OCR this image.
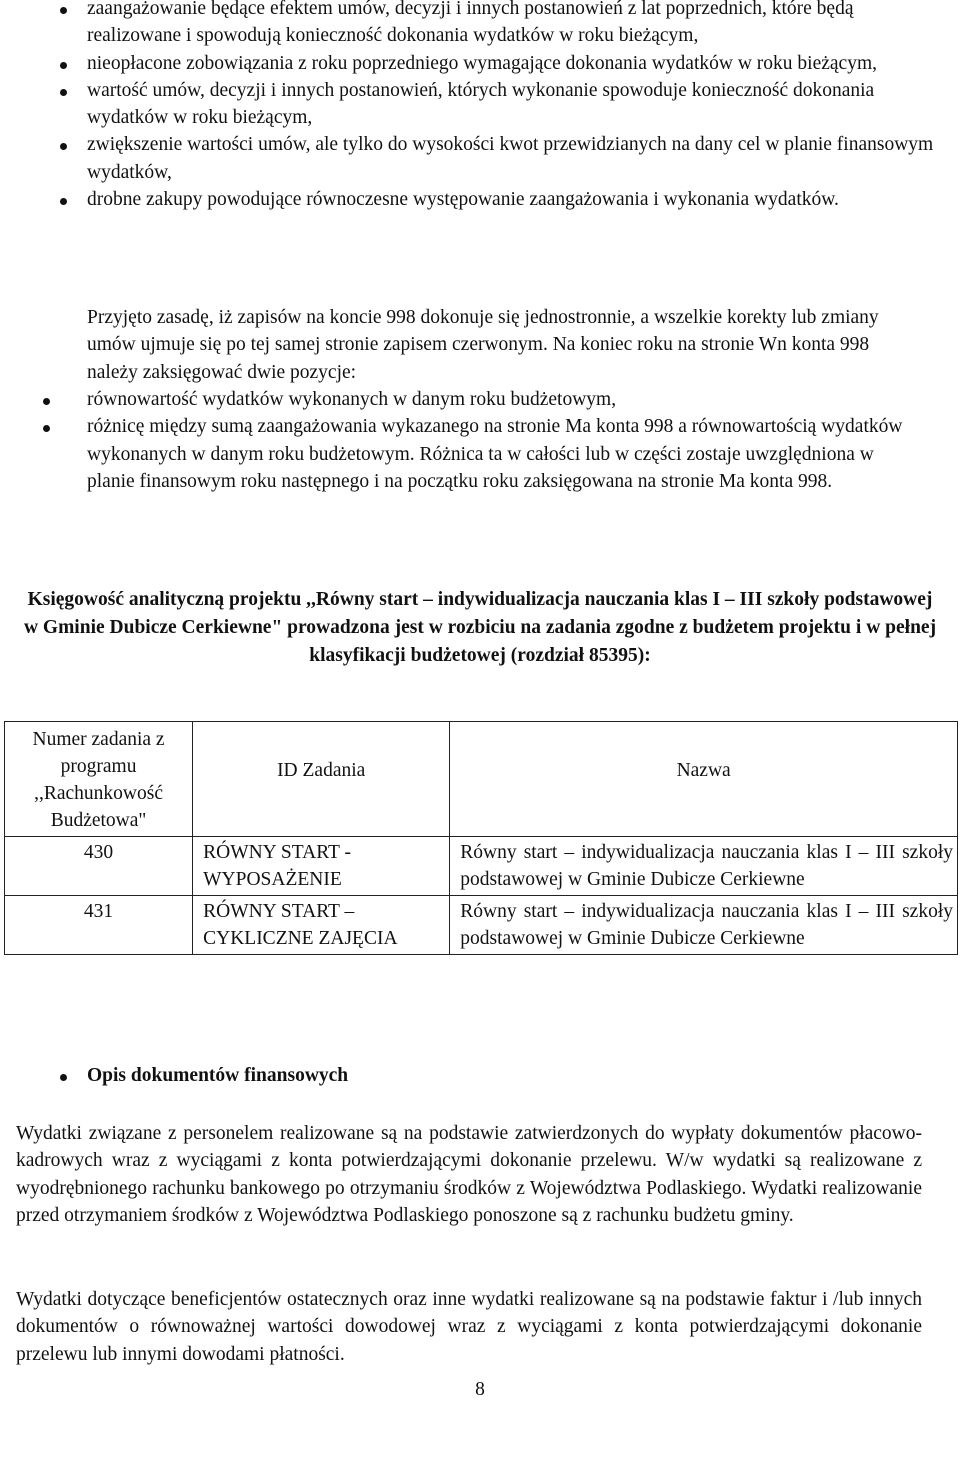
zaangażowanie będące efektem umów, decyzji i innych postanowień z lat poprzednich, które będą realizowane i spowodują konieczność dokonania wydatków w roku bieżącym,
nieopłacone zobowiązania z roku poprzedniego wymagające dokonania wydatków w roku bieżącym,
wartość umów, decyzji i innych postanowień, których wykonanie spowoduje konieczność dokonania wydatków w roku bieżącym,
zwiększenie wartości umów, ale tylko do wysokości kwot przewidzianych na dany cel w planie finansowym wydatków,
drobne zakupy powodujące równoczesne występowanie zaangażowania i wykonania wydatków.
Przyjęto zasadę, iż zapisów na koncie 998 dokonuje się jednostronnie, a wszelkie korekty lub zmiany umów ujmuje się po tej samej stronie zapisem czerwonym. Na koniec roku na stronie Wn konta 998 należy zaksięgować dwie pozycje:
równowartość wydatków wykonanych w danym roku budżetowym,
różnicę między sumą zaangażowania wykazanego na stronie Ma konta 998 a równowartością wydatków wykonanych w danym roku budżetowym. Różnica ta w całości lub w części zostaje uwzględniona w planie finansowym roku następnego i na początku roku zaksięgowana na stronie Ma konta 998.
Księgowość analityczną projektu ,,Równy start – indywidualizacja nauczania klas I – III szkoły podstawowej w Gminie Dubicze Cerkiewne" prowadzona jest w rozbiciu na zadania zgodne z budżetem projektu i w pełnej klasyfikacji budżetowej (rozdział 85395):
Numer zadania z programu ,,Rachunkowość Budżetowa"	ID Zadania	Nazwa
430	RÓWNY START - WYPOSAŻENIE	Równy start – indywidualizacja nauczania klas I – III szkoły podstawowej w Gminie Dubicze Cerkiewne
431	RÓWNY START – CYKLICZNE ZAJĘCIA	Równy start – indywidualizacja nauczania klas I – III szkoły podstawowej w Gminie Dubicze Cerkiewne
Opis dokumentów finansowych
Wydatki związane z personelem realizowane są na podstawie zatwierdzonych do wypłaty dokumentów płacowo-kadrowych wraz z wyciągami z konta potwierdzającymi dokonanie przelewu. W/w wydatki są realizowane z wyodrębnionego rachunku bankowego po otrzymaniu środków z Województwa Podlaskiego. Wydatki realizowanie przed otrzymaniem środków z Województwa Podlaskiego ponoszone są z rachunku budżetu gminy.
Wydatki dotyczące beneficjentów ostatecznych oraz inne wydatki realizowane są na podstawie faktur i /lub innych dokumentów o równoważnej wartości dowodowej wraz z wyciągami z konta potwierdzającymi dokonanie przelewu lub innymi dowodami płatności.
8
